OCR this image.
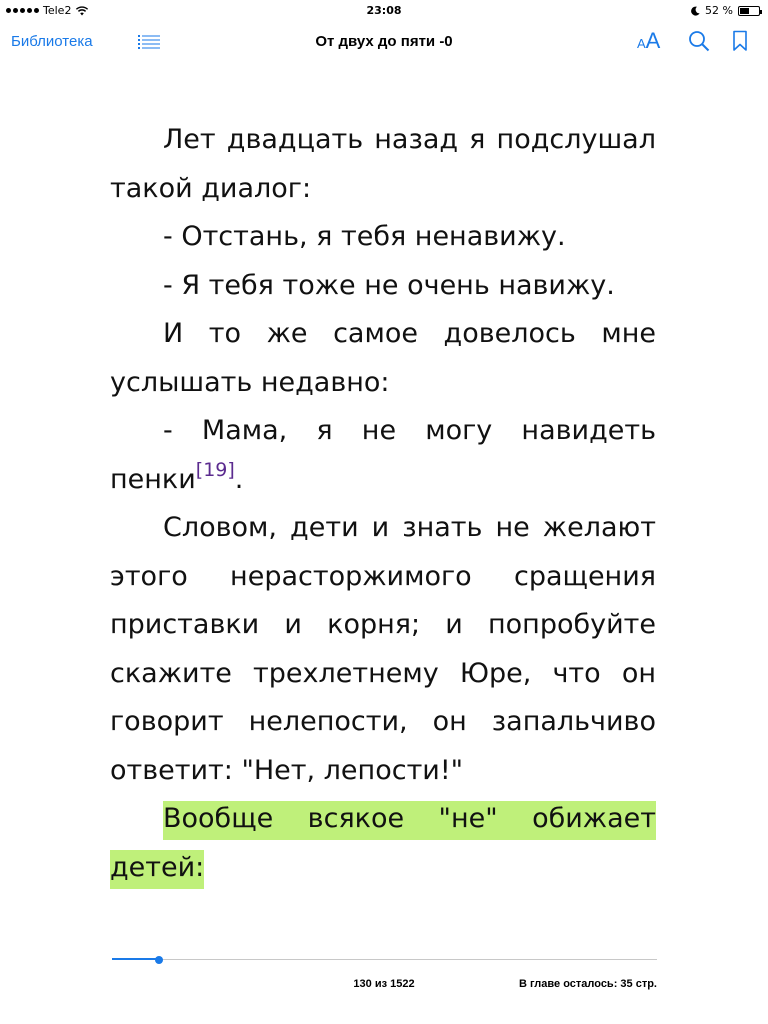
Tele2	23:08	52 %
Библиотека	От двух до пяти -0	AA

Лет двадцать назад я подслушал такой диалог:

- Отстань, я тебя ненавижу.

- Я тебя тоже не очень навижу.

И то же самое довелось мне услышать недавно:

- Мама, я не могу навидеть пенки[19].

Словом, дети и знать не желают этого нерасторжимого сращения приставки и корня; и попробуйте скажите трехлетнему Юре, что он говорит нелепости, он запальчиво ответит: "Нет, лепости!"

Вообще всякое "не" обижает детей:

130 из 1522	В главе осталось: 35 стр.
